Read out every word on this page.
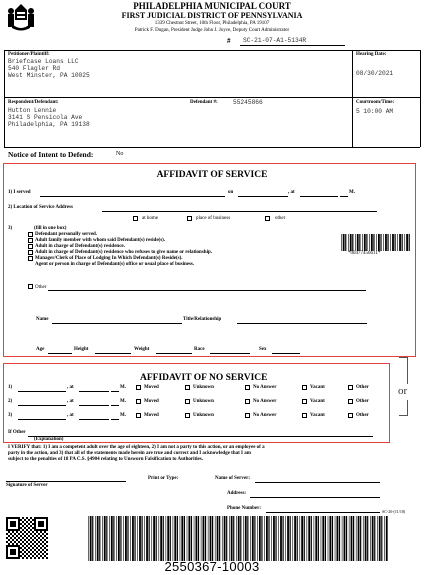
PHILADELPHIA MUNICIPAL COURT
FIRST JUDICIAL DISTRICT OF PENNSYLVANIA
1339 Chestnut Street, 10th Floor, Philadelphia, PA 19107
Patrick F. Dugan, President Judge John J. Joyce, Deputy Court Administrator
# SC-21-07-A1-5134R
Petitioner/Plaintiff:
Briefcase Loans LLC
540 Flagler Rd
West Minster, PA 10025
Hearing Date:
08/30/2021
Respondent/Defendant:	Defendant #: 55245866
Hutton Lennie
3141 S Pensicola Ave
Philadelphia, PA 19138
Courtroom/Time:
5 10:00 AM
Notice of Intent to Defend:	No
AFFIDAVIT OF SERVICE
1) I served	on	, at	M.
2) Location of Service Address
at home	place of business	other
3)	(fill in one box)
Defendant personally served.
Adult family member with whom said Defendant(s) reside(s).
Adult in charge of Defendant(s) residence.
Adult in charge of Defendant(s) residence who refuses to give name or relationship.
Manager/Clerk of Place of Lodging In Which Defendant(s) Reside(s).
Agent or person in charge of Defendant(s) office or usual place of business.
*00477456611*
Other
Name	Title/Relationship
Age	Height	Weight	Race	Sex
or
AFFIDAVIT OF NO SERVICE
, at	M.	Moved	Unknown	No Answer	Vacant	Other
, at	M.	Moved	Unknown	No Answer	Vacant	Other
, at	M.	Moved	Unknown	No Answer	Vacant	Other
1)
2)
3)
If Other
(Explanation)
I VERIFY that: 1) I am a competent adult over the age of eighteen, 2) I am not a party to this action, or an employee of a
party in the action, and 3) that all of the statements made herein are true and correct and I acknowledge that I am
subject to the penalties of 18 PA C.S. §4904 relating to Unsworn Falsification to Authorities.
Print or Type:	Name of Server:
Signature of Server
Address:
Phone Number:
SC-20-(11/18)
2550367-10003
